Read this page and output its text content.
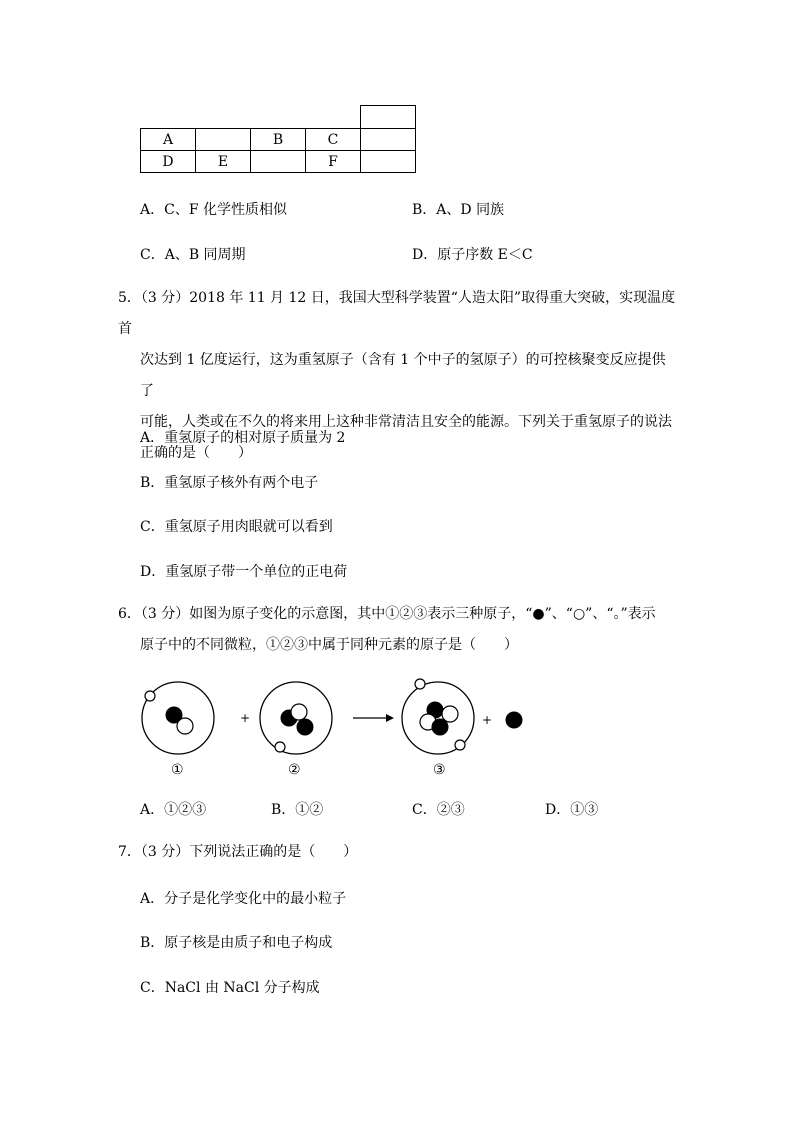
A		B	C	
D	E		F	
A．C、F 化学性质相似	B．A、D 同族
C．A、B 同周期	D．原子序数 E＜C
5．（3 分）2018 年 11 月 12 日，我国大型科学装置“人造太阳”取得重大突破，实现温度首
次达到 1 亿度运行，这为重氢原子（含有 1 个中子的氢原子）的可控核聚变反应提供了
可能，人类或在不久的将来用上这种非常清洁且安全的能源。下列关于重氢原子的说法
正确的是（　　）
A．重氢原子的相对原子质量为 2
B．重氢原子核外有两个电子
C．重氢原子用肉眼就可以看到
D．重氢原子带一个单位的正电荷
6．（3 分）如图为原子变化的示意图，其中①②③表示三种原子，“●”、“○”、“。”表示
原子中的不同微粒，①②③中属于同种元素的原子是（　　）
+	+
①	②	③
A．①②③	B．①②	C．②③	D．①③
7．（3 分）下列说法正确的是（　　）
A．分子是化学变化中的最小粒子
B．原子核是由质子和电子构成
C．NaCl 由 NaCl 分子构成
